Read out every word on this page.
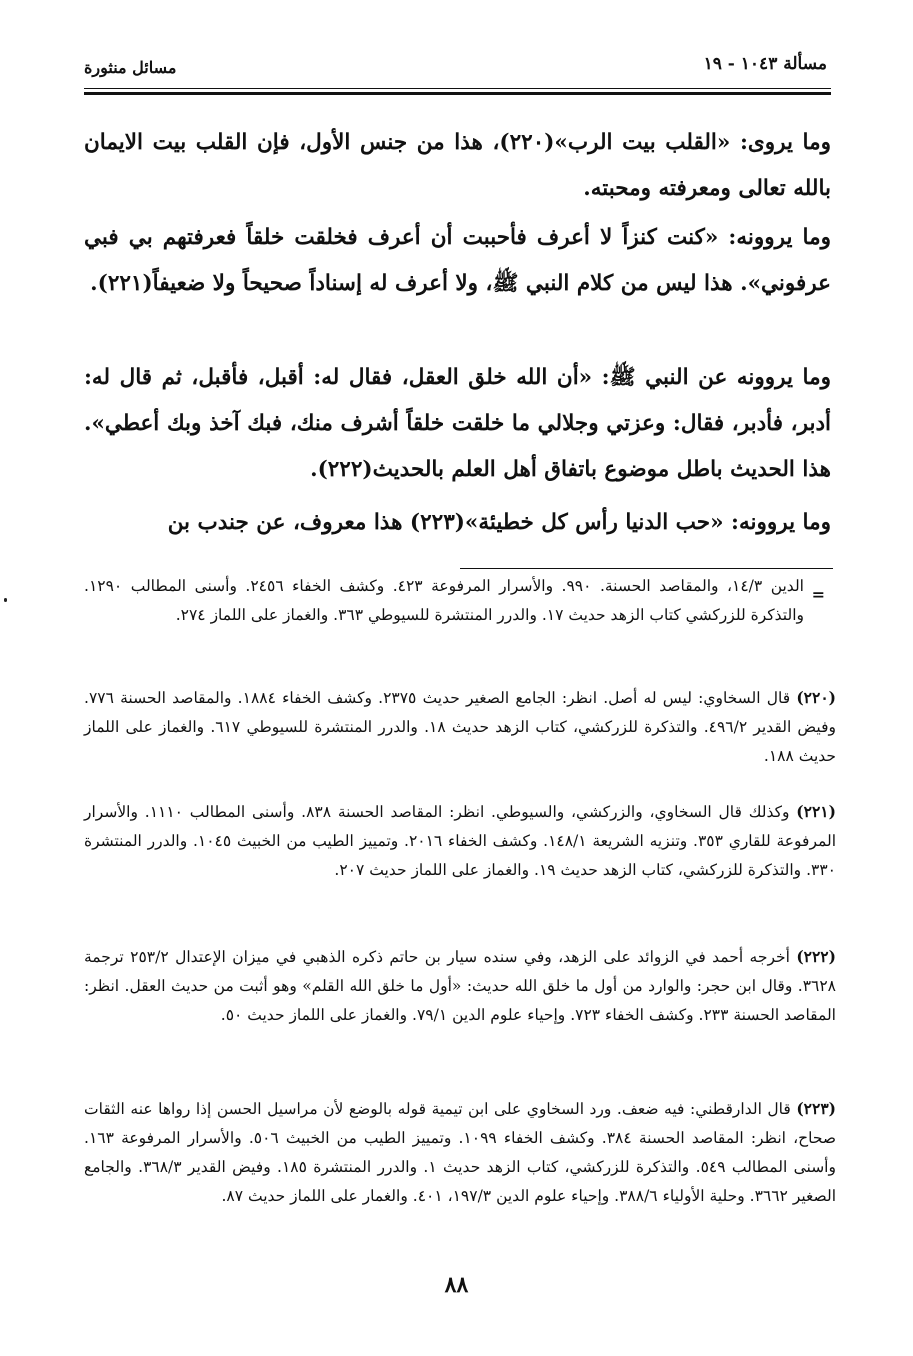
مسألة ١٠٤٣ - ١٩
مسائل منثورة

وما يروى: «القلب بيت الرب»(٢٢٠)، هذا من جنس الأول، فإن القلب بيت الايمان بالله تعالى ومعرفته ومحبته.

وما يروونه: «كنت كنزاً لا أعرف فأحببت أن أعرف فخلقت خلقاً فعرفتهم بي فبي عرفوني». هذا ليس من كلام النبي ﷺ، ولا أعرف له إسناداً صحيحاً ولا ضعيفاً(٢٢١).

وما يروونه عن النبي ﷺ: «أن الله خلق العقل، فقال له: أقبل، فأقبل، ثم قال له: أدبر، فأدبر، فقال: وعزتي وجلالي ما خلقت خلقاً أشرف منك، فبك آخذ وبك أعطي». هذا الحديث باطل موضوع باتفاق أهل العلم بالحديث(٢٢٢).

وما يروونه: «حب الدنيا رأس كل خطيئة»(٢٢٣) هذا معروف، عن جندب بن

=
الدين ١٤/٣، والمقاصد الحسنة. ٩٩٠. والأسرار المرفوعة ٤٢٣. وكشف الخفاء ٢٤٥٦. وأسنى المطالب ١٢٩٠. والتذكرة للزركشي كتاب الزهد حديث ١٧. والدرر المنتشرة للسيوطي ٣٦٣. والغماز على اللماز ٢٧٤.
(٢٢٠) قال السخاوي: ليس له أصل. انظر: الجامع الصغير حديث ٢٣٧٥. وكشف الخفاء ١٨٨٤. والمقاصد الحسنة ٧٧٦. وفيض القدير ٤٩٦/٢. والتذكرة للزركشي، كتاب الزهد حديث ١٨. والدرر المنتشرة للسيوطي ٦١٧. والغماز على اللماز حديث ١٨٨.
(٢٢١) وكذلك قال السخاوي، والزركشي، والسيوطي. انظر: المقاصد الحسنة ٨٣٨. وأسنى المطالب ١١١٠. والأسرار المرفوعة للقاري ٣٥٣. وتنزيه الشريعة ١٤٨/١. وكشف الخفاء ٢٠١٦. وتمييز الطيب من الخبيث ١٠٤٥. والدرر المنتشرة ٣٣٠. والتذكرة للزركشي، كتاب الزهد حديث ١٩. والغماز على اللماز حديث ٢٠٧.
(٢٢٢) أخرجه أحمد في الزوائد على الزهد، وفي سنده سيار بن حاتم ذكره الذهبي في ميزان الإعتدال ٢٥٣/٢ ترجمة ٣٦٢٨. وقال ابن حجر: والوارد من أول ما خلق الله حديث: «أول ما خلق الله القلم» وهو أثبت من حديث العقل. انظر: المقاصد الحسنة ٢٣٣. وكشف الخفاء ٧٢٣. وإحياء علوم الدين ٧٩/١. والغماز على اللماز حديث ٥٠.
(٢٢٣) قال الدارقطني: فيه ضعف. ورد السخاوي على ابن تيمية قوله بالوضع لأن مراسيل الحسن إذا رواها عنه الثقات صحاح، انظر: المقاصد الحسنة ٣٨٤. وكشف الخفاء ١٠٩٩. وتمييز الطيب من الخبيث ٥٠٦. والأسرار المرفوعة ١٦٣. وأسنى المطالب ٥٤٩. والتذكرة للزركشي، كتاب الزهد حديث ١. والدرر المنتشرة ١٨٥. وفيض القدير ٣٦٨/٣. والجامع الصغير ٣٦٦٢. وحلية الأولياء ٣٨٨/٦. وإحياء علوم الدين ١٩٧/٣، ٤٠١. والغمار على اللماز حديث ٨٧.
٨٨
